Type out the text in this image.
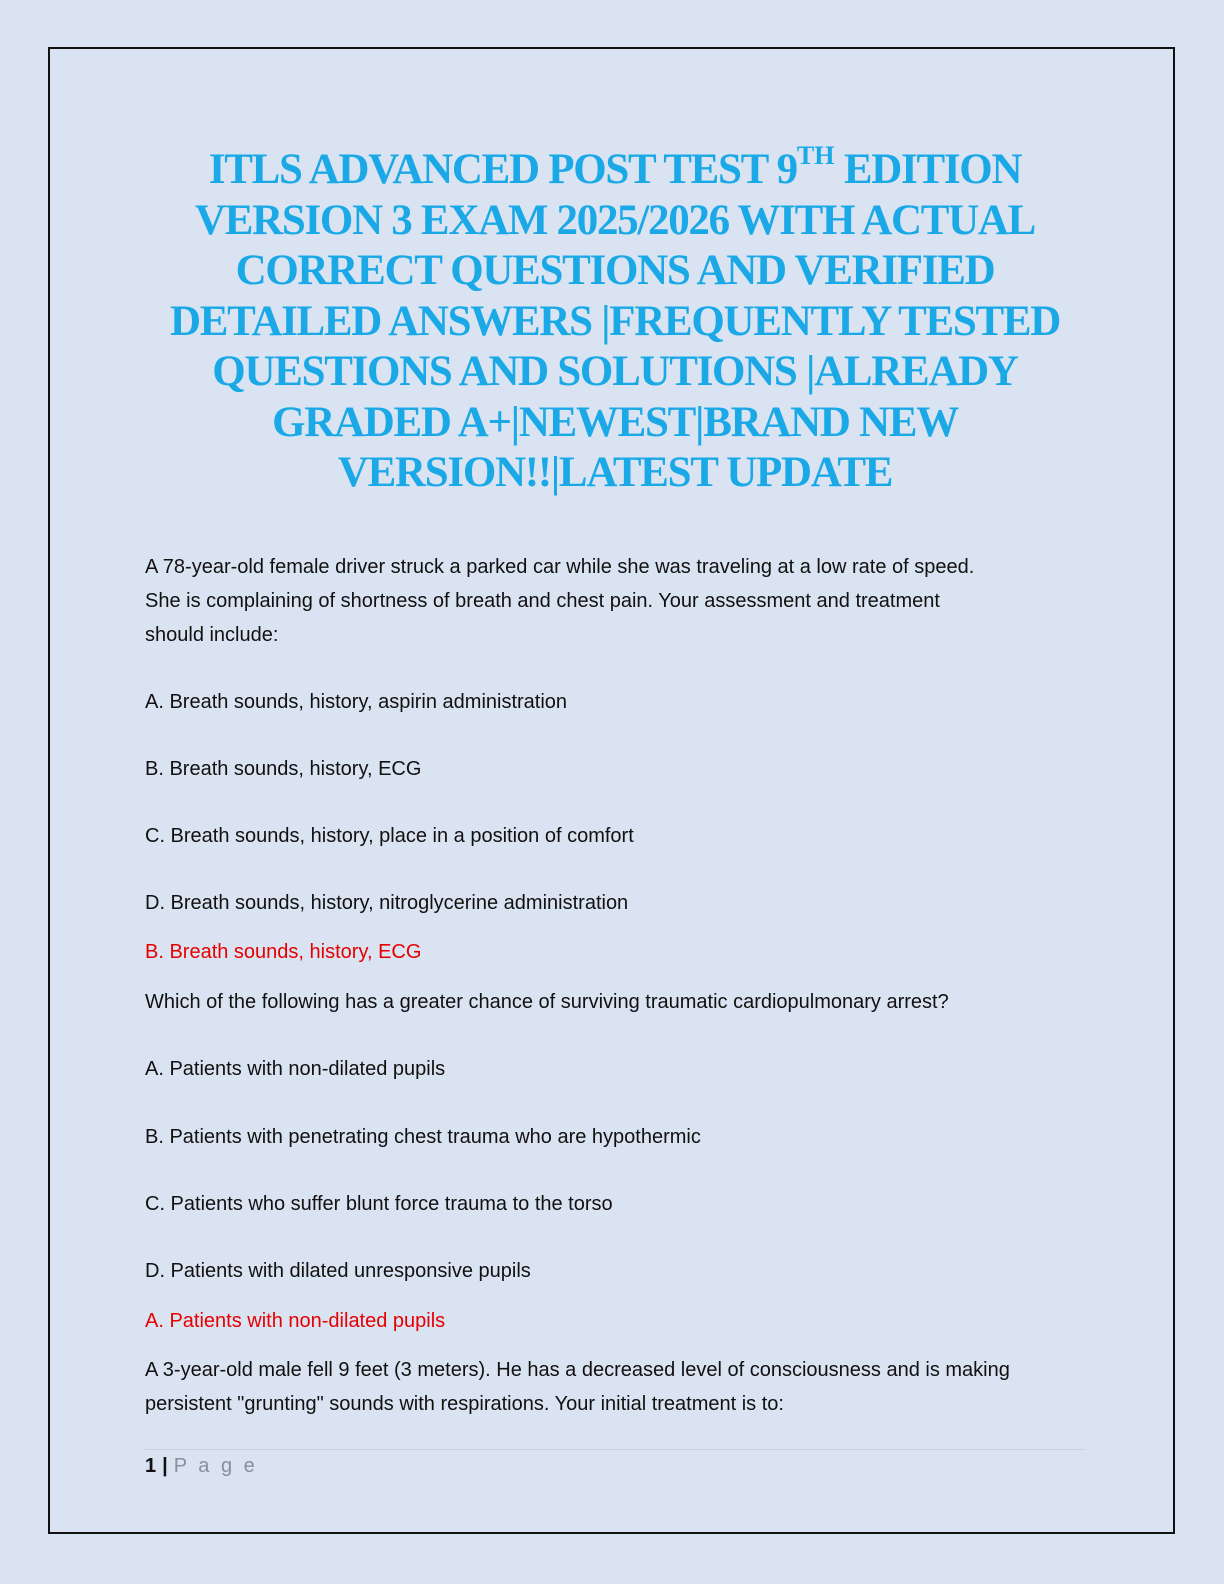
ITLS ADVANCED POST TEST 9TH EDITION VERSION 3 EXAM 2025/2026 WITH ACTUAL CORRECT QUESTIONS AND VERIFIED DETAILED ANSWERS |FREQUENTLY TESTED QUESTIONS AND SOLUTIONS |ALREADY GRADED A+|NEWEST|BRAND NEW VERSION!!|LATEST UPDATE
A 78-year-old female driver struck a parked car while she was traveling at a low rate of speed.
She is complaining of shortness of breath and chest pain. Your assessment and treatment
should include:
A. Breath sounds, history, aspirin administration
B. Breath sounds, history, ECG
C. Breath sounds, history, place in a position of comfort
D. Breath sounds, history, nitroglycerine administration
B. Breath sounds, history, ECG
Which of the following has a greater chance of surviving traumatic cardiopulmonary arrest?
A. Patients with non-dilated pupils
B. Patients with penetrating chest trauma who are hypothermic
C. Patients who suffer blunt force trauma to the torso
D. Patients with dilated unresponsive pupils
A. Patients with non-dilated pupils
A 3-year-old male fell 9 feet (3 meters). He has a decreased level of consciousness and is making
persistent "grunting" sounds with respirations. Your initial treatment is to:
1 | P a g e
